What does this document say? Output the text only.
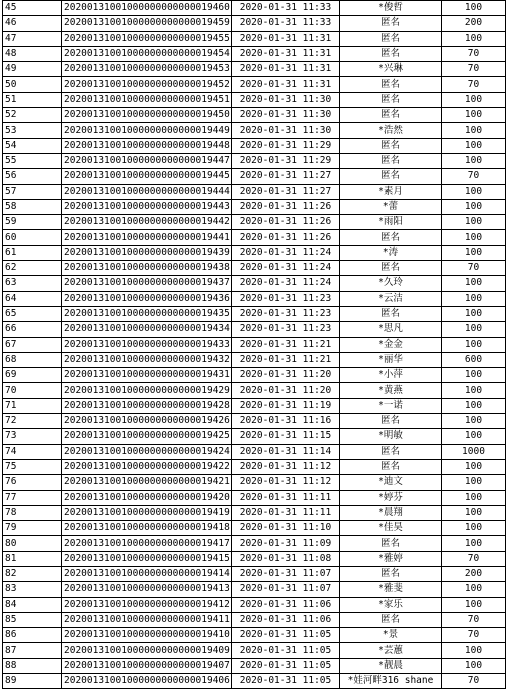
45	20200131001000000000000019460	2020-01-31 11:33	*俊哲	100
46	20200131001000000000000019459	2020-01-31 11:33	匿名	200
47	20200131001000000000000019455	2020-01-31 11:31	匿名	100
48	20200131001000000000000019454	2020-01-31 11:31	匿名	70
49	20200131001000000000000019453	2020-01-31 11:31	*兴琳	70
50	20200131001000000000000019452	2020-01-31 11:31	匿名	70
51	20200131001000000000000019451	2020-01-31 11:30	匿名	100
52	20200131001000000000000019450	2020-01-31 11:30	匿名	100
53	20200131001000000000000019449	2020-01-31 11:30	*浩然	100
54	20200131001000000000000019448	2020-01-31 11:29	匿名	100
55	20200131001000000000000019447	2020-01-31 11:29	匿名	100
56	20200131001000000000000019445	2020-01-31 11:27	匿名	70
57	20200131001000000000000019444	2020-01-31 11:27	*素月	100
58	20200131001000000000000019443	2020-01-31 11:26	*蕾	100
59	20200131001000000000000019442	2020-01-31 11:26	*雨阳	100
60	20200131001000000000000019441	2020-01-31 11:26	匿名	100
61	20200131001000000000000019439	2020-01-31 11:24	*涛	100
62	20200131001000000000000019438	2020-01-31 11:24	匿名	70
63	20200131001000000000000019437	2020-01-31 11:24	*久玲	100
64	20200131001000000000000019436	2020-01-31 11:23	*云洁	100
65	20200131001000000000000019435	2020-01-31 11:23	匿名	100
66	20200131001000000000000019434	2020-01-31 11:23	*思凡	100
67	20200131001000000000000019433	2020-01-31 11:21	*金金	100
68	20200131001000000000000019432	2020-01-31 11:21	*丽华	600
69	20200131001000000000000019431	2020-01-31 11:20	*小萍	100
70	20200131001000000000000019429	2020-01-31 11:20	*黄燕	100
71	20200131001000000000000019428	2020-01-31 11:19	*一诺	100
72	20200131001000000000000019426	2020-01-31 11:16	匿名	100
73	20200131001000000000000019425	2020-01-31 11:15	*明敏	100
74	20200131001000000000000019424	2020-01-31 11:14	匿名	1000
75	20200131001000000000000019422	2020-01-31 11:12	匿名	100
76	20200131001000000000000019421	2020-01-31 11:12	*迪文	100
77	20200131001000000000000019420	2020-01-31 11:11	*婷芬	100
78	20200131001000000000000019419	2020-01-31 11:11	*晨翔	100
79	20200131001000000000000019418	2020-01-31 11:10	*佳昊	100
80	20200131001000000000000019417	2020-01-31 11:09	匿名	100
81	20200131001000000000000019415	2020-01-31 11:08	*雅婷	70
82	20200131001000000000000019414	2020-01-31 11:07	匿名	200
83	20200131001000000000000019413	2020-01-31 11:07	*雅斐	100
84	20200131001000000000000019412	2020-01-31 11:06	*家乐	100
85	20200131001000000000000019411	2020-01-31 11:06	匿名	70
86	20200131001000000000000019410	2020-01-31 11:05	*景	70
87	20200131001000000000000019409	2020-01-31 11:05	*芸蕙	100
88	20200131001000000000000019407	2020-01-31 11:05	*靓晨	100
89	20200131001000000000000019406	2020-01-31 11:05	*娃河畔316 shane	70
